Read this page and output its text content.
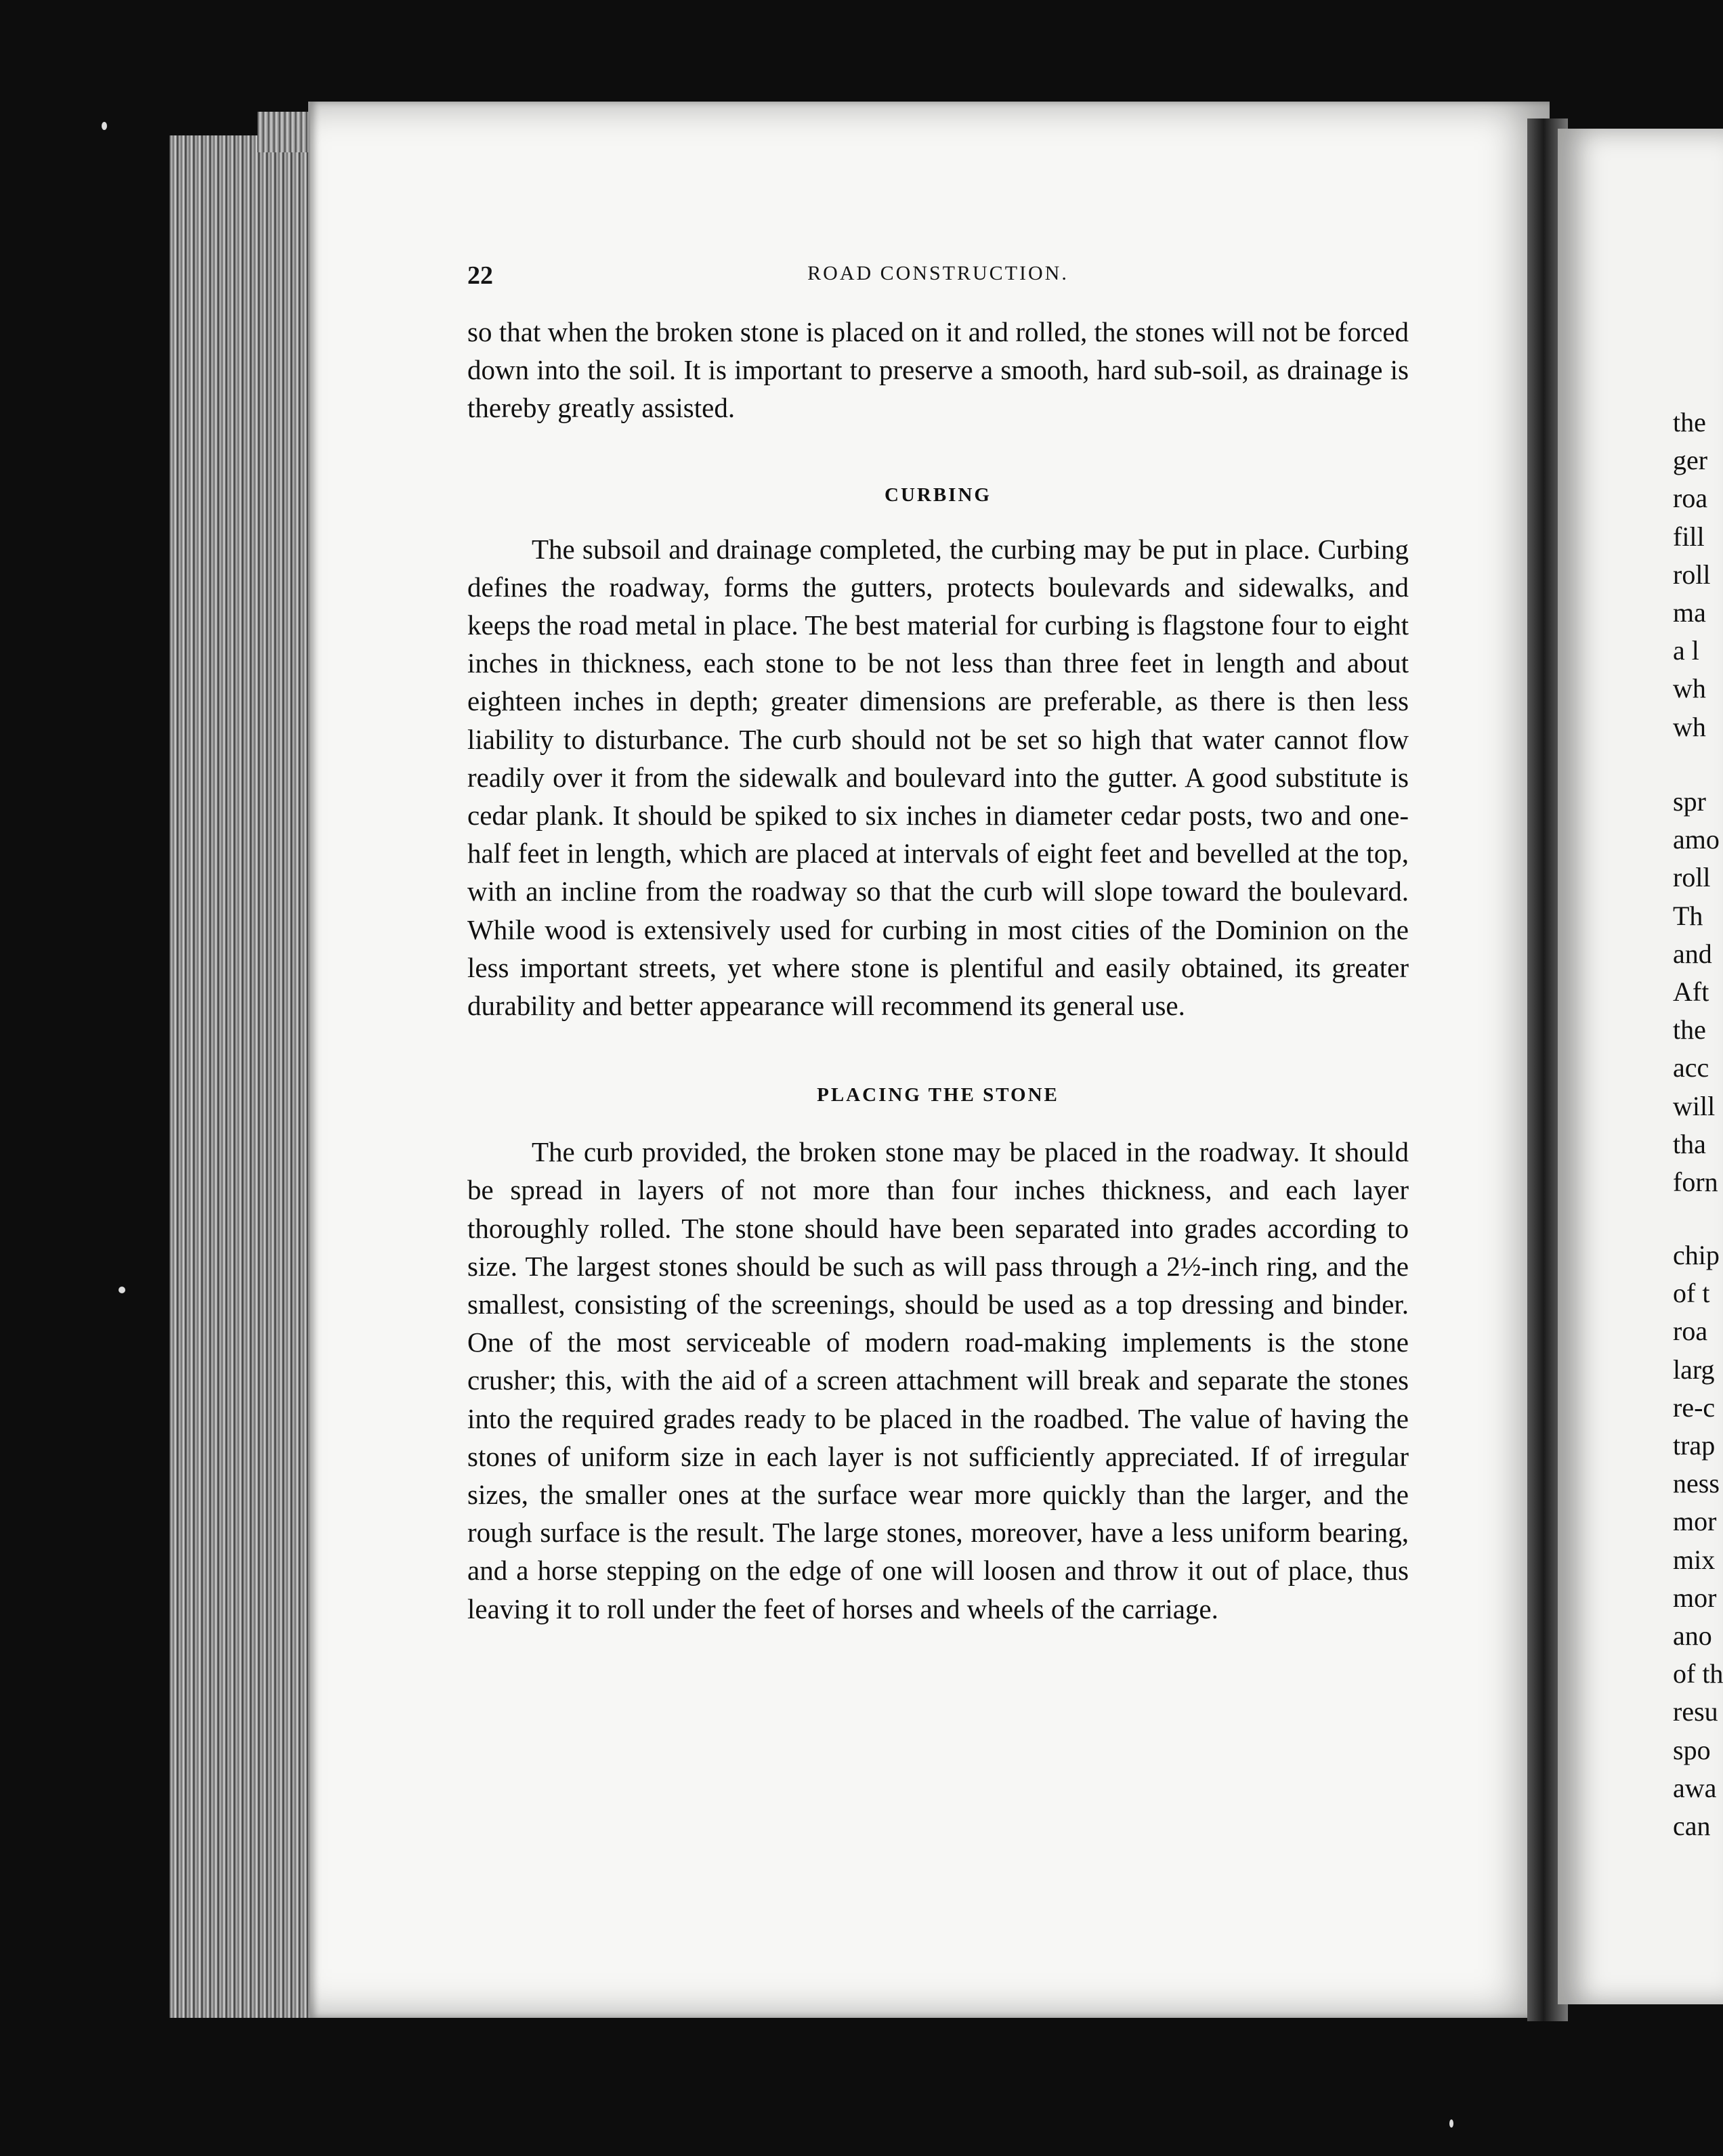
22	ROAD CONSTRUCTION.

so that when the broken stone is placed on it and rolled, the stones will not be forced down into the soil. It is important to preserve a smooth, hard sub-soil, as drainage is thereby greatly assisted.

CURBING

The subsoil and drainage completed, the curbing may be put in place. Curbing defines the roadway, forms the gutters, protects boulevards and sidewalks, and keeps the road metal in place. The best material for curbing is flagstone four to eight inches in thickness, each stone to be not less than three feet in length and about eighteen inches in depth; greater dimensions are preferable, as there is then less liability to disturbance. The curb should not be set so high that water cannot flow readily over it from the sidewalk and boulevard into the gutter. A good substitute is cedar plank. It should be spiked to six inches in diameter cedar posts, two and one-half feet in length, which are placed at intervals of eight feet and bevelled at the top, with an incline from the roadway so that the curb will slope toward the boulevard. While wood is extensively used for curbing in most cities of the Dominion on the less important streets, yet where stone is plentiful and easily obtained, its greater durability and better appearance will recommend its general use.

PLACING THE STONE

The curb provided, the broken stone may be placed in the roadway. It should be spread in layers of not more than four inches thickness, and each layer thoroughly rolled. The stone should have been separated into grades according to size. The largest stones should be such as will pass through a 2½-inch ring, and the smallest, consisting of the screenings, should be used as a top dressing and binder. One of the most serviceable of modern road-making implements is the stone crusher; this, with the aid of a screen attachment will break and separate the stones into the required grades ready to be placed in the roadbed. The value of having the stones of uniform size in each layer is not sufficiently appreciated. If of irregular sizes, the smaller ones at the surface wear more quickly than the larger, and the rough surface is the result. The large stones, moreover, have a less uniform bearing, and a horse stepping on the edge of one will loosen and throw it out of place, thus leaving it to roll under the feet of horses and wheels of the carriage.

the
ger
roa
fill
roll
ma
a l
wh
wh
spr
amo
roll
Th
and
Aft
the
acc
will
tha
forn
chip
of t
roa
larg
re-c
trap
ness
mor
mix
mor
ano
of th
resu
spo
awa
can
